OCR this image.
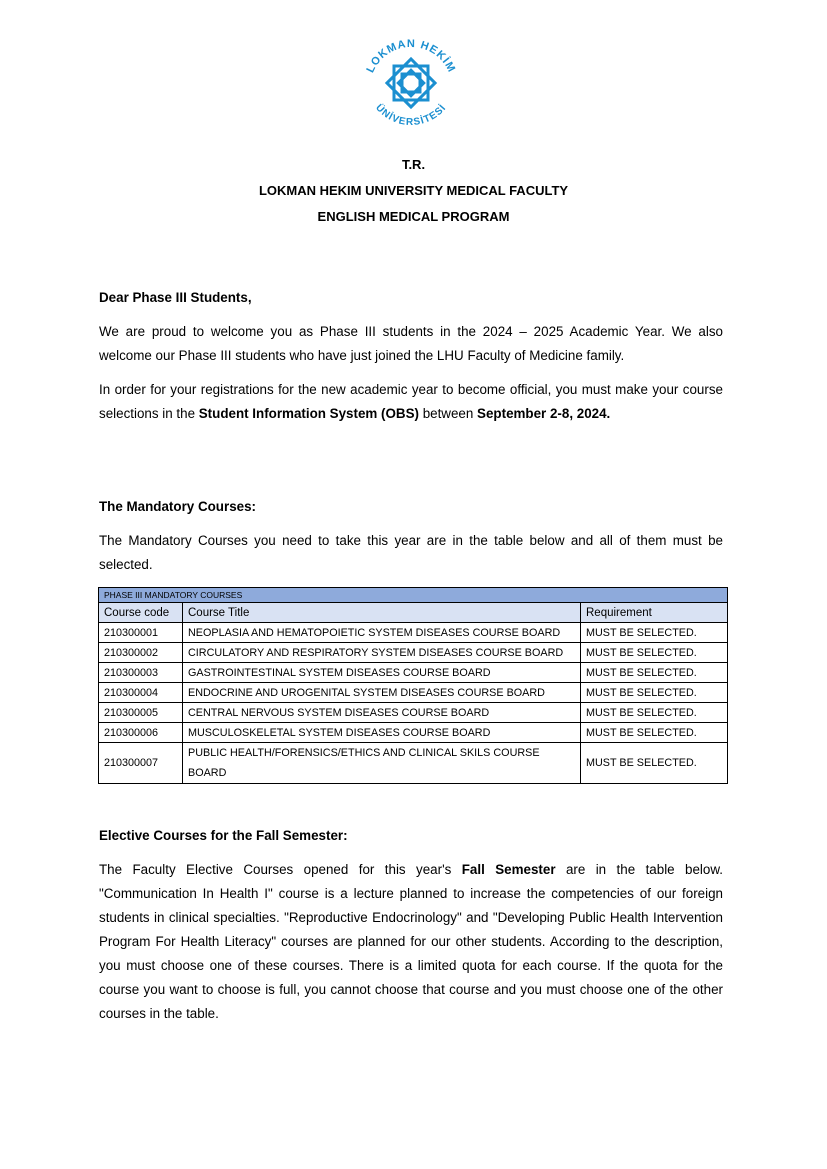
LOKMAN HEKİM
ÜNİVERSİTESİ
T.R.
LOKMAN HEKIM UNIVERSITY MEDICAL FACULTY
ENGLISH MEDICAL PROGRAM
Dear Phase III Students,
We are proud to welcome you as Phase III students in the 2024 – 2025 Academic Year. We also welcome our Phase III students who have just joined the LHU Faculty of Medicine family.
In order for your registrations for the new academic year to become official, you must make your course selections in the Student Information System (OBS) between September 2-8, 2024.
The Mandatory Courses:
The Mandatory Courses you need to take this year are in the table below and all of them must be selected.
PHASE III MANDATORY COURSES		
Course code	Course Title	Requirement
210300001	NEOPLASIA AND HEMATOPOIETIC SYSTEM DISEASES COURSE BOARD	MUST BE SELECTED.
210300002	CIRCULATORY AND RESPIRATORY SYSTEM DISEASES COURSE BOARD	MUST BE SELECTED.
210300003	GASTROINTESTINAL SYSTEM DISEASES COURSE BOARD	MUST BE SELECTED.
210300004	ENDOCRINE AND UROGENITAL SYSTEM DISEASES COURSE BOARD	MUST BE SELECTED.
210300005	CENTRAL NERVOUS SYSTEM DISEASES COURSE BOARD	MUST BE SELECTED.
210300006	MUSCULOSKELETAL SYSTEM DISEASES COURSE BOARD	MUST BE SELECTED.
210300007	PUBLIC HEALTH/FORENSICS/ETHICS AND CLINICAL SKILS COURSE BOARD	MUST BE SELECTED.
Elective Courses for the Fall Semester:
The Faculty Elective Courses opened for this year's Fall Semester are in the table below. "Communication In Health I" course is a lecture planned to increase the competencies of our foreign students in clinical specialties. "Reproductive Endocrinology" and "Developing Public Health Intervention Program For Health Literacy" courses are planned for our other students. According to the description, you must choose one of these courses. There is a limited quota for each course. If the quota for the course you want to choose is full, you cannot choose that course and you must choose one of the other courses in the table.
